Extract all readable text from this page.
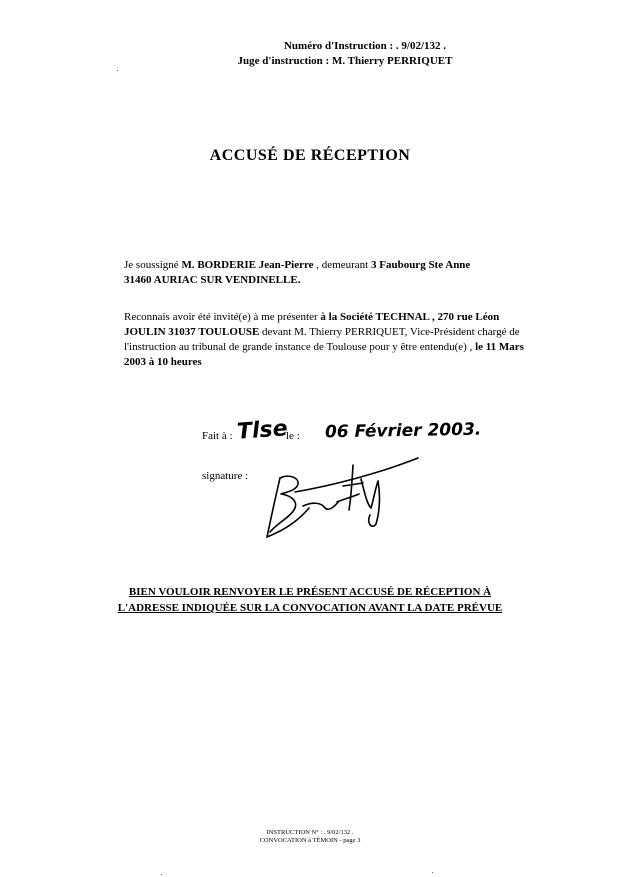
Numéro d'Instruction : . 9/02/132 .
Juge d'instruction : M. Thierry PERRIQUET
ACCUSÉ DE RÉCEPTION
Je soussigné M. BORDERIE Jean-Pierre , demeurant 3 Faubourg Ste Anne
31460 AURIAC SUR VENDINELLE.
Reconnais avoir été invité(e) à me présenter à la Société TECHNAL , 270 rue Léon JOULIN 31037 TOULOUSE devant M. Thierry PERRIQUET, Vice-Président chargé de l'instruction au tribunal de grande instance de Toulouse pour y être entendu(e) , le 11 Mars 2003 à 10 heures
Fait à : Tlse
le : 06 Février 2003.
signature :
BIEN VOULOIR RENVOYER LE PRÉSENT ACCUSÉ DE RÉCEPTION À
L'ADRESSE INDIQUÉE SUR LA CONVOCATION AVANT LA DATE PRÉVUE
INSTRUCTION N° : . 9/02/132 .
CONVOCATION à TÉMOIN - page 3
